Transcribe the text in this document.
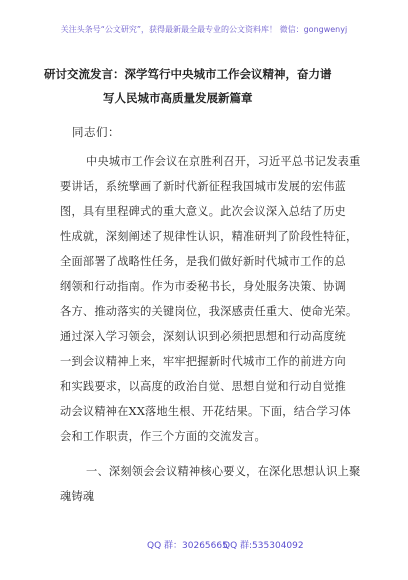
关注头条号“公文研究”，获得最新最全最专业的公文资料库！ 微信：gongwenyj
研讨交流发言：深学笃行中央城市工作会议精神，奋力谱
写人民城市高质量发展新篇章
同志们：
中央城市工作会议在京胜利召开，习近平总书记发表重
要讲话，系统擘画了新时代新征程我国城市发展的宏伟蓝
图，具有里程碑式的重大意义。此次会议深入总结了历史
性成就，深刻阐述了规律性认识，精准研判了阶段性特征，
全面部署了战略性任务，是我们做好新时代城市工作的总
纲领和行动指南。作为市委秘书长，身处服务决策、协调
各方、推动落实的关键岗位，我深感责任重大、使命光荣。
通过深入学习领会，深刻认识到必须把思想和行动高度统
一到会议精神上来，牢牢把握新时代城市工作的前进方向
和实践要求，以高度的政治自觉、思想自觉和行动自觉推
动会议精神在XX落地生根、开花结果。下面，结合学习体
会和工作职责，作三个方面的交流发言。
一、深刻领会会议精神核心要义，在深化思想认识上聚
魂铸魂
QQ 群：30265665
QQ 群:535304092
